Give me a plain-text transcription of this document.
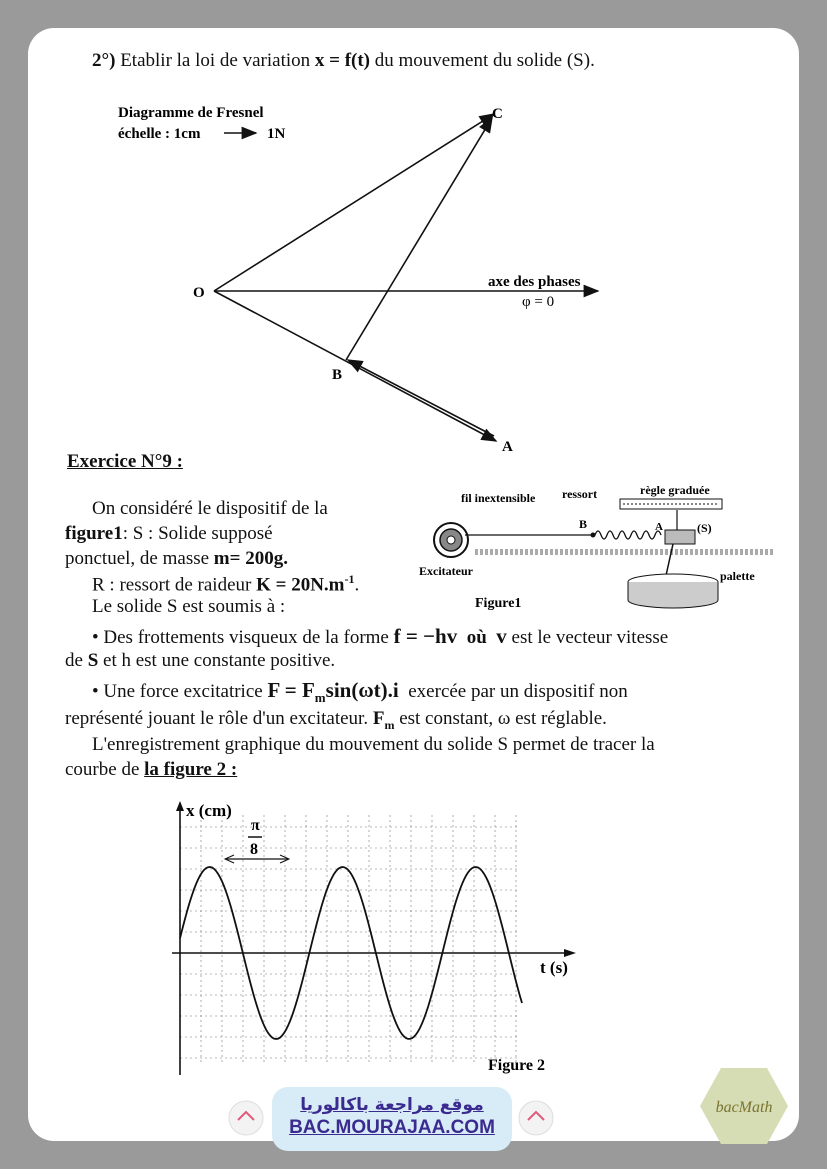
2°) Etablir la loi de variation x = f(t) du mouvement du solide (S).
Diagramme de Fresnel
échelle : 1cm	1N
axe des phases
φ = 0
O
C
B
A
Exercice N°9 :
On considéré le dispositif de la
figure1: S : Solide supposé
ponctuel, de masse m= 200g.
R : ressort de raideur $K = 20N.m^{-1}$.
Le solide S est soumis à :
• Des frottements visqueux de la forme f = −hv où v est le vecteur vitesse
de S et h est une constante positive.
• Une force excitatrice $F = F_m\sin(\omega t).i$ exercée par un dispositif non
représenté jouant le rôle d'un excitateur. $F_m$ est constant, ω est réglable.
L'enregistrement graphique du mouvement du solide S permet de tracer la
courbe de la figure 2 :
fil inextensible ressort	règle graduée
Excitateur
B	A	(S)
palette
Figure1
x (cm)
t (s)
π
8
Figure 2
موقع مراجعة باكالوريا
BAC.MOURAJAA.COM
bacMath
